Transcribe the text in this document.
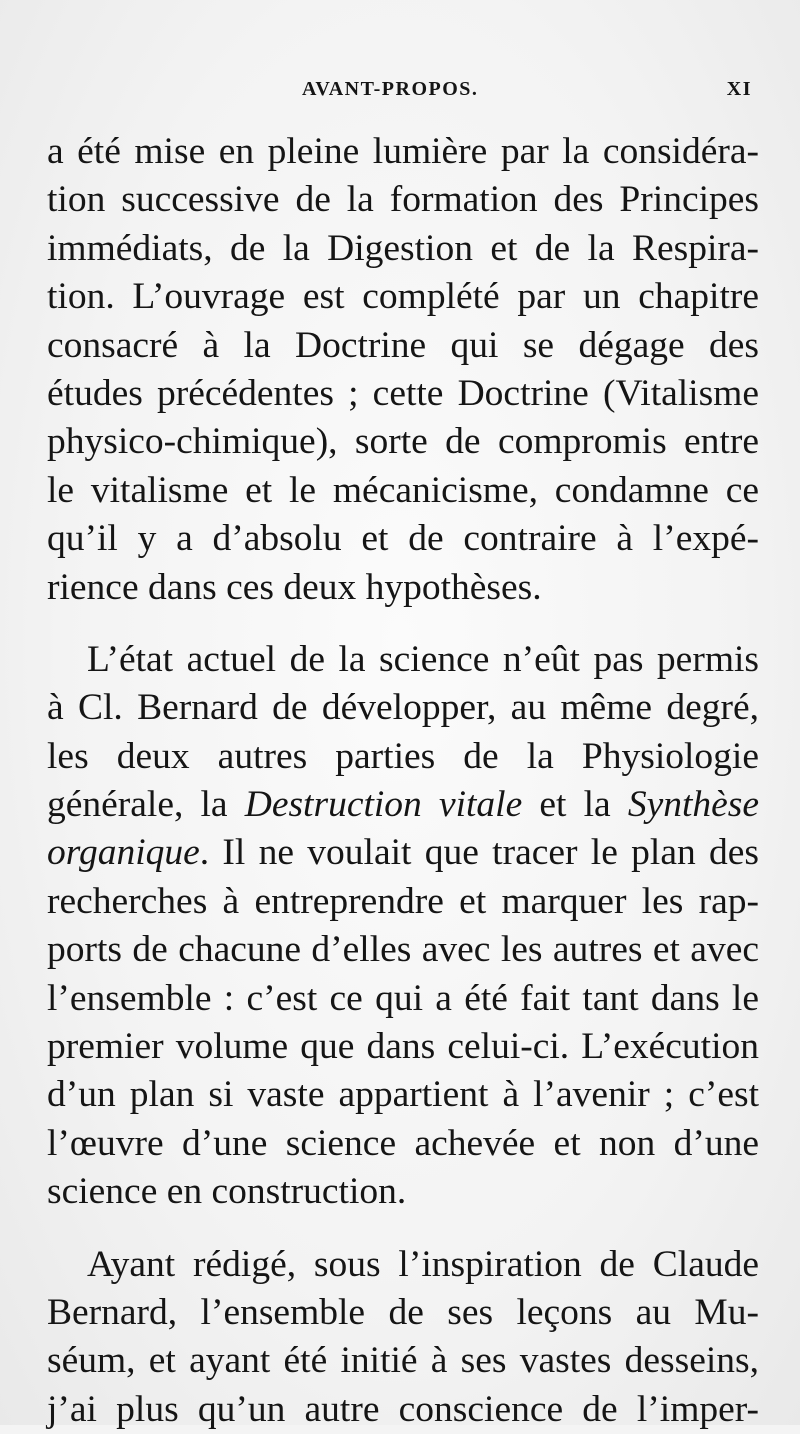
AVANT-PROPOS.	XI
a été mise en pleine lumière par la considéra-
tion successive de la formation des Principes
immédiats, de la Digestion et de la Respira-
tion. L’ouvrage est complété par un chapitre
consacré à la Doctrine qui se dégage des
études précédentes ; cette Doctrine (Vitalisme
physico-chimique), sorte de compromis entre
le vitalisme et le mécanicisme, condamne ce
qu’il y a d’absolu et de contraire à l’expé-
rience dans ces deux hypothèses.
L’état actuel de la science n’eût pas permis
à Cl. Bernard de développer, au même degré,
les deux autres parties de la Physiologie
générale, la Destruction vitale et la Synthèse
organique. Il ne voulait que tracer le plan des
recherches à entreprendre et marquer les rap-
ports de chacune d’elles avec les autres et avec
l’ensemble : c’est ce qui a été fait tant dans le
premier volume que dans celui-ci. L’exécution
d’un plan si vaste appartient à l’avenir ; c’est
l’œuvre d’une science achevée et non d’une
science en construction.
Ayant rédigé, sous l’inspiration de Claude
Bernard, l’ensemble de ses leçons au Mu-
séum, et ayant été initié à ses vastes desseins,
j’ai plus qu’un autre conscience de l’imper-
